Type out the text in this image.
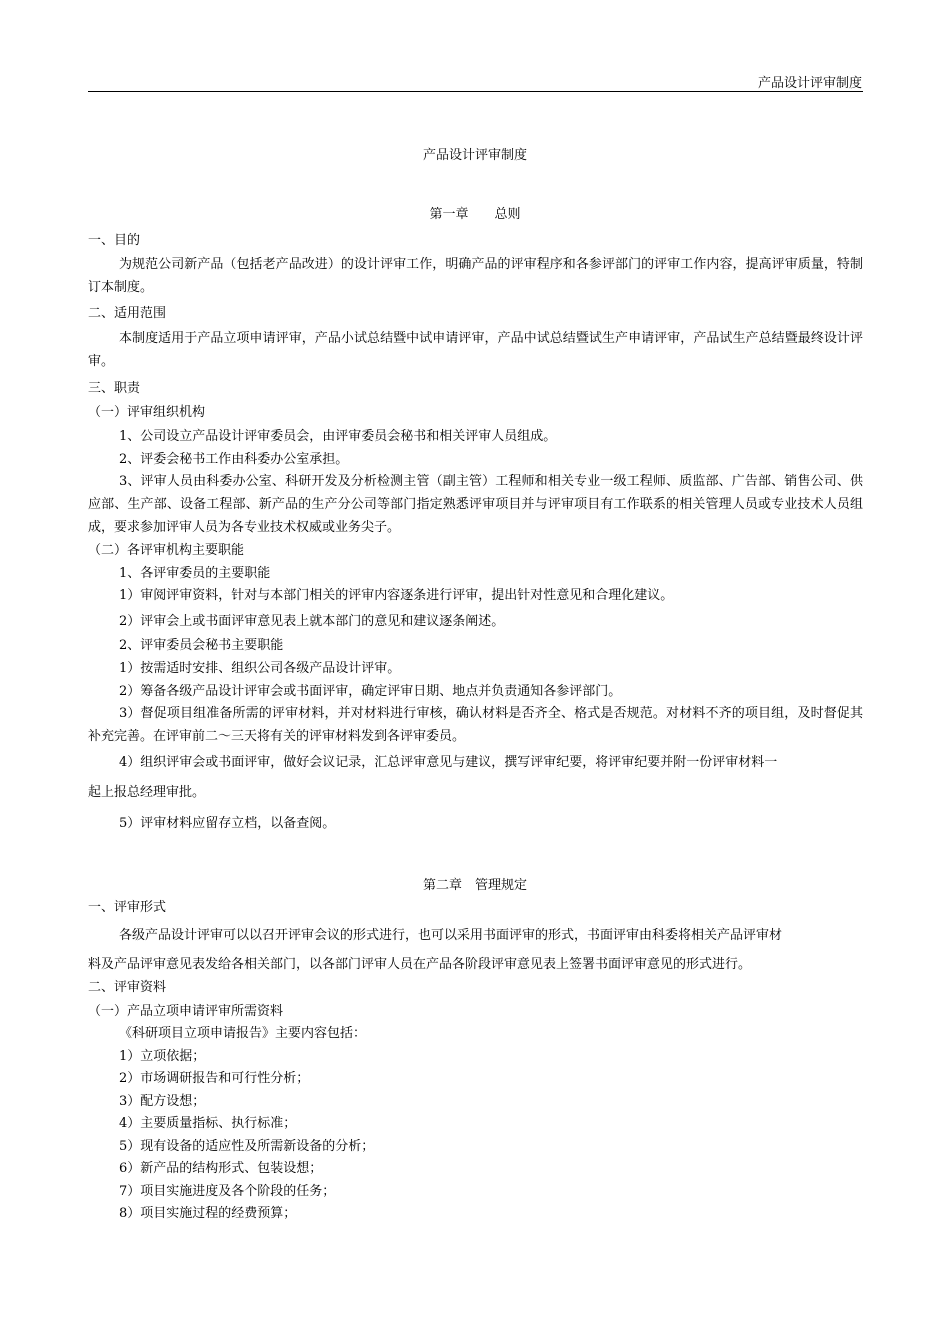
产品设计评审制度
产品设计评审制度
第一章　　总则
一、目的
为规范公司新产品（包括老产品改进）的设计评审工作，明确产品的评审程序和各参评部门的评审工作内容，提高评审质量，特制订本制度。
二、适用范围
本制度适用于产品立项申请评审，产品小试总结暨中试申请评审，产品中试总结暨试生产申请评审，产品试生产总结暨最终设计评审。
三、职责
（一）评审组织机构
1、公司设立产品设计评审委员会，由评审委员会秘书和相关评审人员组成。
2、评委会秘书工作由科委办公室承担。
3、评审人员由科委办公室、科研开发及分析检测主管（副主管）工程师和相关专业一级工程师、质监部、广告部、销售公司、供应部、生产部、设备工程部、新产品的生产分公司等部门指定熟悉评审项目并与评审项目有工作联系的相关管理人员或专业技术人员组成，要求参加评审人员为各专业技术权威或业务尖子。
（二）各评审机构主要职能
1、各评审委员的主要职能
1）审阅评审资料，针对与本部门相关的评审内容逐条进行评审，提出针对性意见和合理化建议。
2）评审会上或书面评审意见表上就本部门的意见和建议逐条阐述。
2、评审委员会秘书主要职能
1）按需适时安排、组织公司各级产品设计评审。
2）筹备各级产品设计评审会或书面评审，确定评审日期、地点并负责通知各参评部门。
3）督促项目组准备所需的评审材料，并对材料进行审核，确认材料是否齐全、格式是否规范。对材料不齐的项目组，及时督促其补充完善。在评审前二～三天将有关的评审材料发到各评审委员。
4）组织评审会或书面评审，做好会议记录，汇总评审意见与建议，撰写评审纪要，将评审纪要并附一份评审材料一
起上报总经理审批。
5）评审材料应留存立档，以备查阅。
第二章　管理规定
一、评审形式
各级产品设计评审可以以召开评审会议的形式进行，也可以采用书面评审的形式，书面评审由科委将相关产品评审材
料及产品评审意见表发给各相关部门，以各部门评审人员在产品各阶段评审意见表上签署书面评审意见的形式进行。
二、评审资料
（一）产品立项申请评审所需资料
《科研项目立项申请报告》主要内容包括：
1）立项依据；
2）市场调研报告和可行性分析；
3）配方设想；
4）主要质量指标、执行标准；
5）现有设备的适应性及所需新设备的分析；
6）新产品的结构形式、包装设想；
7）项目实施进度及各个阶段的任务；
8）项目实施过程的经费预算；
